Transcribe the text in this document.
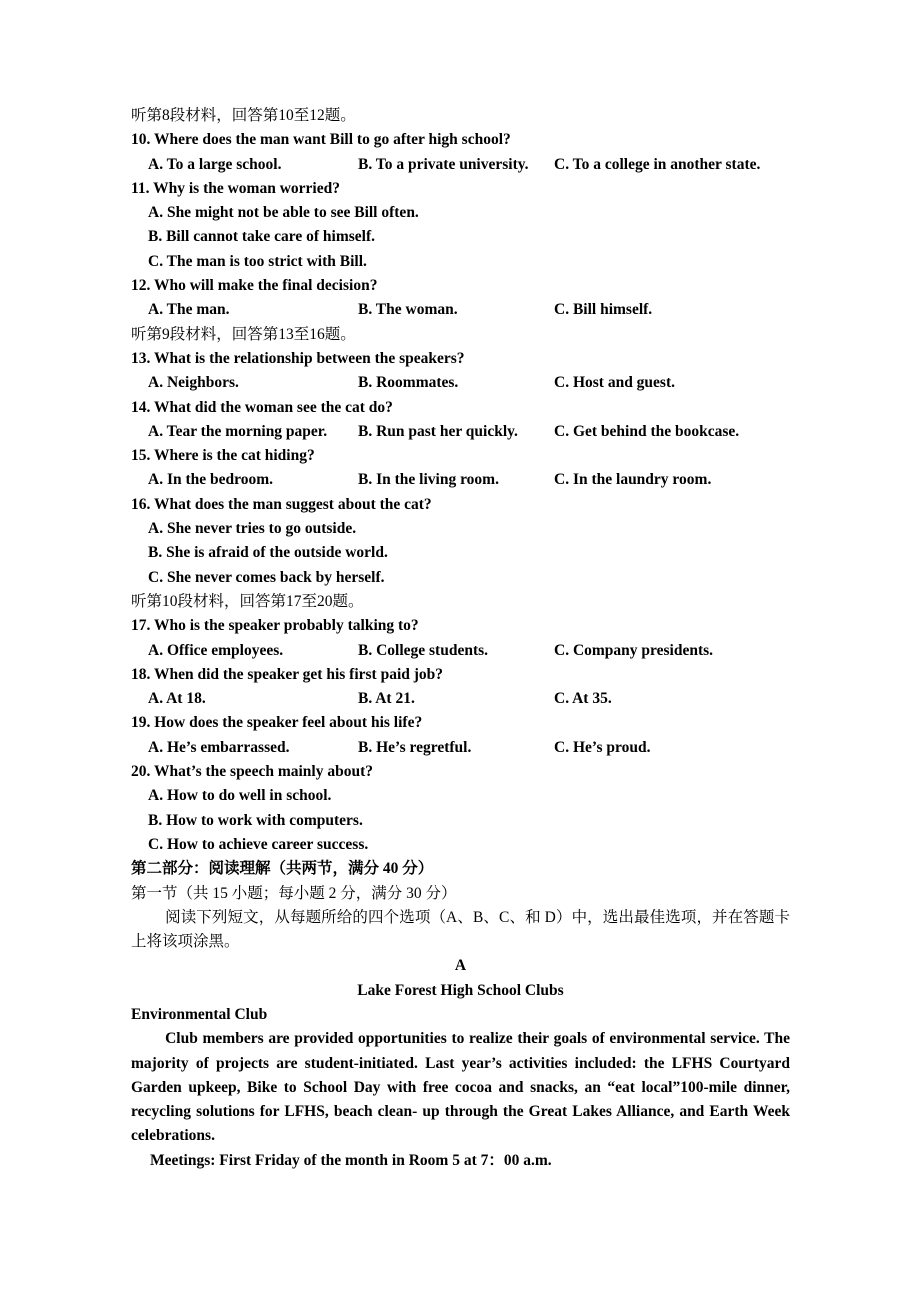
听第8段材料，回答第10至12题。
10. Where does the man want Bill to go after high school?
A. To a large school.	B. To a private university.	C. To a college in another state.
11. Why is the woman worried?
A. She might not be able to see Bill often.
B. Bill cannot take care of himself.
C. The man is too strict with Bill.
12. Who will make the final decision?
A. The man.	B. The woman.	C. Bill himself.
听第9段材料，回答第13至16题。
13. What is the relationship between the speakers?
A. Neighbors.	B. Roommates.	C. Host and guest.
14. What did the woman see the cat do?
A. Tear the morning paper.	B. Run past her quickly.	C. Get behind the bookcase.
15. Where is the cat hiding?
A. In the bedroom.	B. In the living room.	C. In the laundry room.
16. What does the man suggest about the cat?
A. She never tries to go outside.
B. She is afraid of the outside world.
C. She never comes back by herself.
听第10段材料，回答第17至20题。
17. Who is the speaker probably talking to?
A. Office employees.	B. College students.	C. Company presidents.
18. When did the speaker get his first paid job?
A. At 18.	B. At 21.	C. At 35.
19. How does the speaker feel about his life?
A. He’s embarrassed.	B. He’s regretful.	C. He’s proud.
20. What’s the speech mainly about?
A. How to do well in school.
B. How to work with computers.
C. How to achieve career success.
第二部分：阅读理解（共两节，满分 40 分）
第一节（共 15 小题；每小题 2 分，满分 30 分）
阅读下列短文，从每题所给的四个选项（A、B、C、和 D）中，选出最佳选项，并在答题卡上将该项涂黑。
A
Lake Forest High School Clubs
Environmental Club
Club members are provided opportunities to realize their goals of environmental service. The majority of projects are student-initiated. Last year’s activities included: the LFHS Courtyard Garden upkeep, Bike to School Day with free cocoa and snacks, an “eat local”100-mile dinner, recycling solutions for LFHS, beach clean- up through the Great Lakes Alliance, and Earth Week celebrations.
Meetings: First Friday of the month in Room 5 at 7：00 a.m.
